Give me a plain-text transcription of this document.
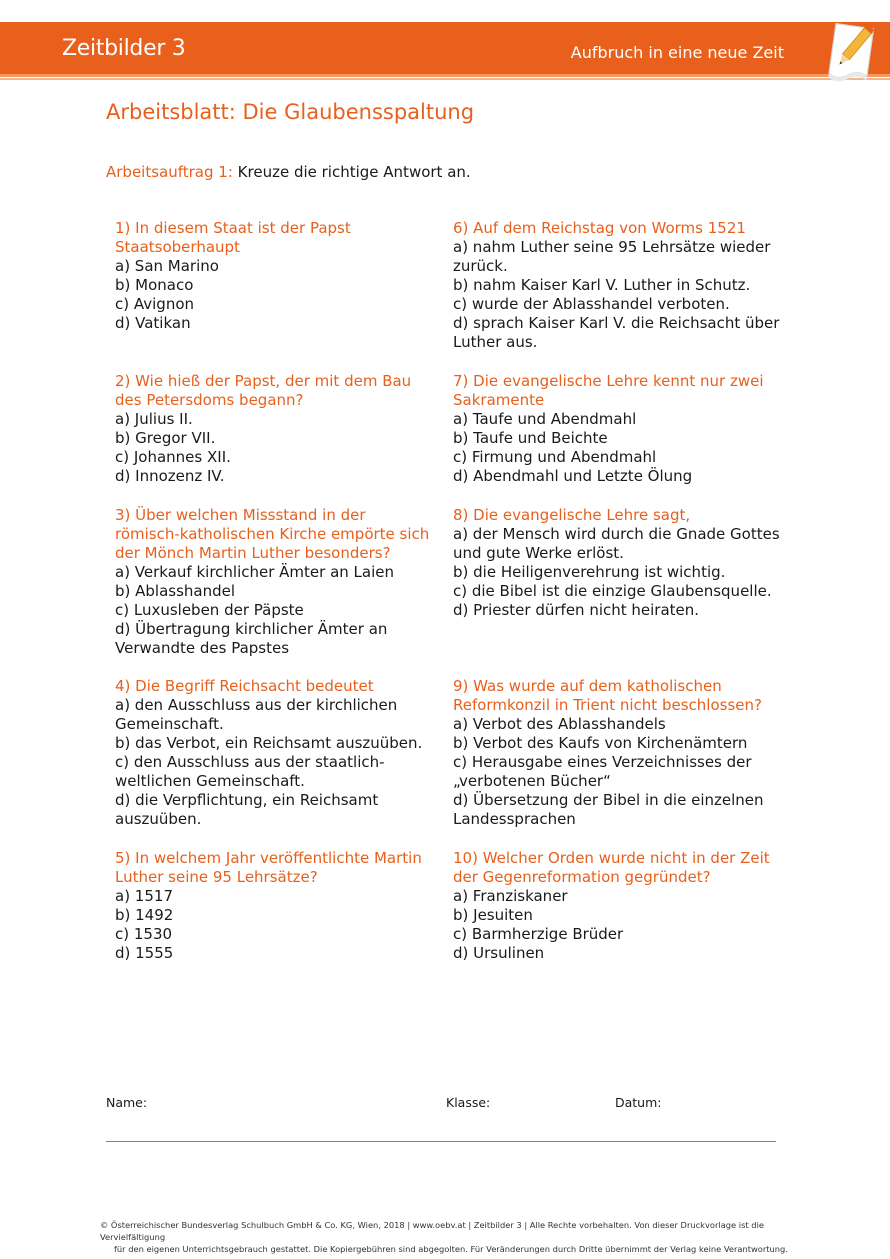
Zeitbilder 3	Aufbruch in eine neue Zeit
Arbeitsblatt: Die Glaubensspaltung
Arbeitsauftrag 1: Kreuze die richtige Antwort an.
1) In diesem Staat ist der Papst
Staatsoberhaupt
a) San Marino
b) Monaco
c) Avignon
d) Vatikan
2) Wie hieß der Papst, der mit dem Bau
des Petersdoms begann?
a) Julius II.
b) Gregor VII.
c) Johannes XII.
d) Innozenz IV.
3) Über welchen Missstand in der
römisch-katholischen Kirche empörte sich
der Mönch Martin Luther besonders?
a) Verkauf kirchlicher Ämter an Laien
b) Ablasshandel
c) Luxusleben der Päpste
d) Übertragung kirchlicher Ämter an
Verwandte des Papstes
4) Die Begriff Reichsacht bedeutet
a) den Ausschluss aus der kirchlichen
Gemeinschaft.
b) das Verbot, ein Reichsamt auszuüben.
c) den Ausschluss aus der staatlich-
weltlichen Gemeinschaft.
d) die Verpflichtung, ein Reichsamt
auszuüben.
5) In welchem Jahr veröffentlichte Martin
Luther seine 95 Lehrsätze?
a) 1517
b) 1492
c) 1530
d) 1555
6) Auf dem Reichstag von Worms 1521
a) nahm Luther seine 95 Lehrsätze wieder
zurück.
b) nahm Kaiser Karl V. Luther in Schutz.
c) wurde der Ablasshandel verboten.
d) sprach Kaiser Karl V. die Reichsacht über
Luther aus.
7) Die evangelische Lehre kennt nur zwei
Sakramente
a) Taufe und Abendmahl
b) Taufe und Beichte
c) Firmung und Abendmahl
d) Abendmahl und Letzte Ölung
8) Die evangelische Lehre sagt,
a) der Mensch wird durch die Gnade Gottes
und gute Werke erlöst.
b) die Heiligenverehrung ist wichtig.
c) die Bibel ist die einzige Glaubensquelle.
d) Priester dürfen nicht heiraten.
9) Was wurde auf dem katholischen
Reformkonzil in Trient nicht beschlossen?
a) Verbot des Ablasshandels
b) Verbot des Kaufs von Kirchenämtern
c) Herausgabe eines Verzeichnisses der
„verbotenen Bücher“
d) Übersetzung der Bibel in die einzelnen
Landessprachen
10) Welcher Orden wurde nicht in der Zeit
der Gegenreformation gegründet?
a) Franziskaner
b) Jesuiten
c) Barmherzige Brüder
d) Ursulinen
Name:	Klasse:	Datum:
© Österreichischer Bundesverlag Schulbuch GmbH & Co. KG, Wien, 2018 | www.oebv.at | Zeitbilder 3 | Alle Rechte vorbehalten. Von dieser Druckvorlage ist die Vervielfältigung
für den eigenen Unterrichtsgebrauch gestattet. Die Kopiergebühren sind abgegolten. Für Veränderungen durch Dritte übernimmt der Verlag keine Verantwortung.
